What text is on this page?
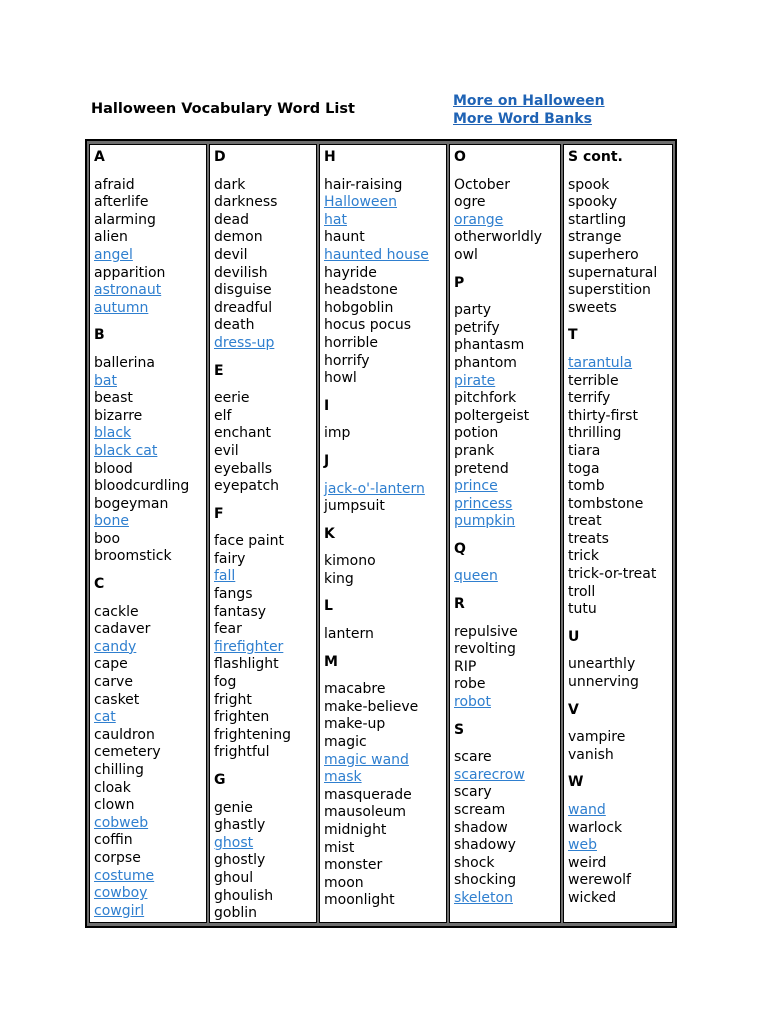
Halloween Vocabulary Word List	More on Halloween
More Word Banks
A
afraid
afterlife
alarming
alien
angel
apparition
astronaut
autumn
B
ballerina
bat
beast
bizarre
black
black cat
blood
bloodcurdling
bogeyman
bone
boo
broomstick
C
cackle
cadaver
candy
cape
carve
casket
cat
cauldron
cemetery
chilling
cloak
clown
cobweb
coffin
corpse
costume
cowboy
cowgirl
D
dark
darkness
dead
demon
devil
devilish
disguise
dreadful
death
dress-up
E
eerie
elf
enchant
evil
eyeballs
eyepatch
F
face paint
fairy
fall
fangs
fantasy
fear
firefighter
flashlight
fog
fright
frighten
frightening
frightful
G
genie
ghastly
ghost
ghostly
ghoul
ghoulish
goblin
H
hair-raising
Halloween
hat
haunt
haunted house
hayride
headstone
hobgoblin
hocus pocus
horrible
horrify
howl
I
imp
J
jack-o'-lantern
jumpsuit
K
kimono
king
L
lantern
M
macabre
make-believe
make-up
magic
magic wand
mask
masquerade
mausoleum
midnight
mist
monster
moon
moonlight
O
October
ogre
orange
otherworldly
owl
P
party
petrify
phantasm
phantom
pirate
pitchfork
poltergeist
potion
prank
pretend
prince
princess
pumpkin
Q
queen
R
repulsive
revolting
RIP
robe
robot
S
scare
scarecrow
scary
scream
shadow
shadowy
shock
shocking
skeleton
S cont.
spook
spooky
startling
strange
superhero
supernatural
superstition
sweets
T
tarantula
terrible
terrify
thirty-first
thrilling
tiara
toga
tomb
tombstone
treat
treats
trick
trick-or-treat
troll
tutu
U
unearthly
unnerving
V
vampire
vanish
W
wand
warlock
web
weird
werewolf
wicked
